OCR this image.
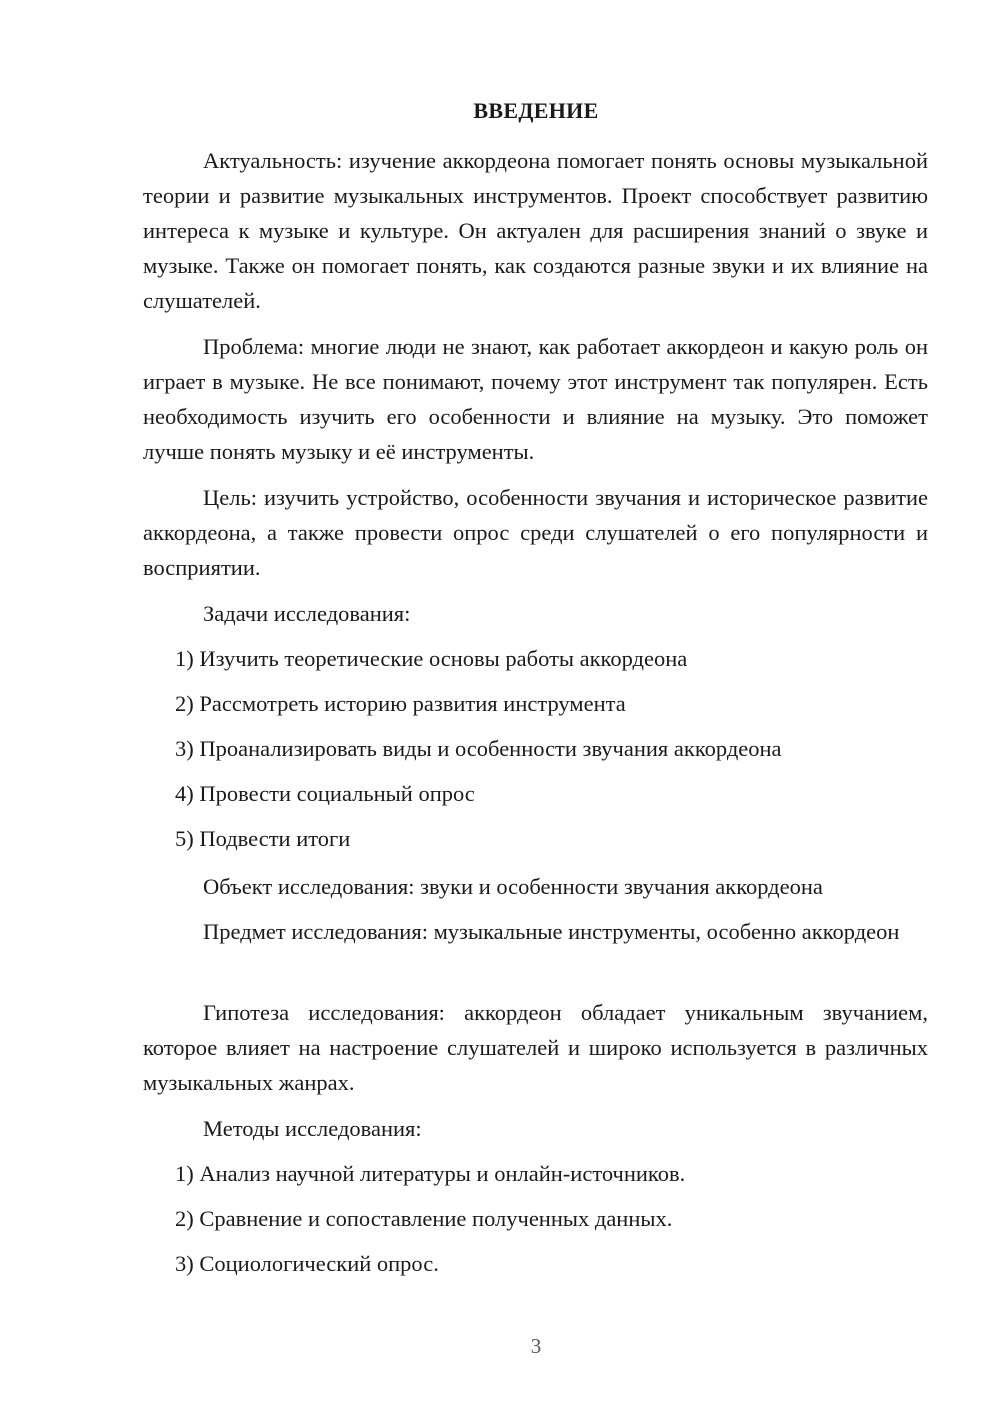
ВВЕДЕНИЕ

Актуальность: изучение аккордеона помогает понять основы музыкальной теории и развитие музыкальных инструментов. Проект способствует развитию интереса к музыке и культуре. Он актуален для расширения знаний о звуке и музыке. Также он помогает понять, как создаются разные звуки и их влияние на слушателей.

Проблема: многие люди не знают, как работает аккордеон и какую роль он играет в музыке. Не все понимают, почему этот инструмент так популярен. Есть необходимость изучить его особенности и влияние на музыку. Это поможет лучше понять музыку и её инструменты.

Цель: изучить устройство, особенности звучания и историческое развитие аккордеона, а также провести опрос среди слушателей о его популярности и восприятии.

Задачи исследования:

1) Изучить теоретические основы работы аккордеона

2) Рассмотреть историю развития инструмента

3) Проанализировать виды и особенности звучания аккордеона

4) Провести социальный опрос

5) Подвести итоги

Объект исследования: звуки и особенности звучания аккордеона

Предмет исследования: музыкальные инструменты, особенно аккордеон

Гипотеза исследования: аккордеон обладает уникальным звучанием, которое влияет на настроение слушателей и широко используется в различных музыкальных жанрах.

Методы исследования:

1) Анализ научной литературы и онлайн-источников.

2) Сравнение и сопоставление полученных данных.

3) Социологический опрос.

3
